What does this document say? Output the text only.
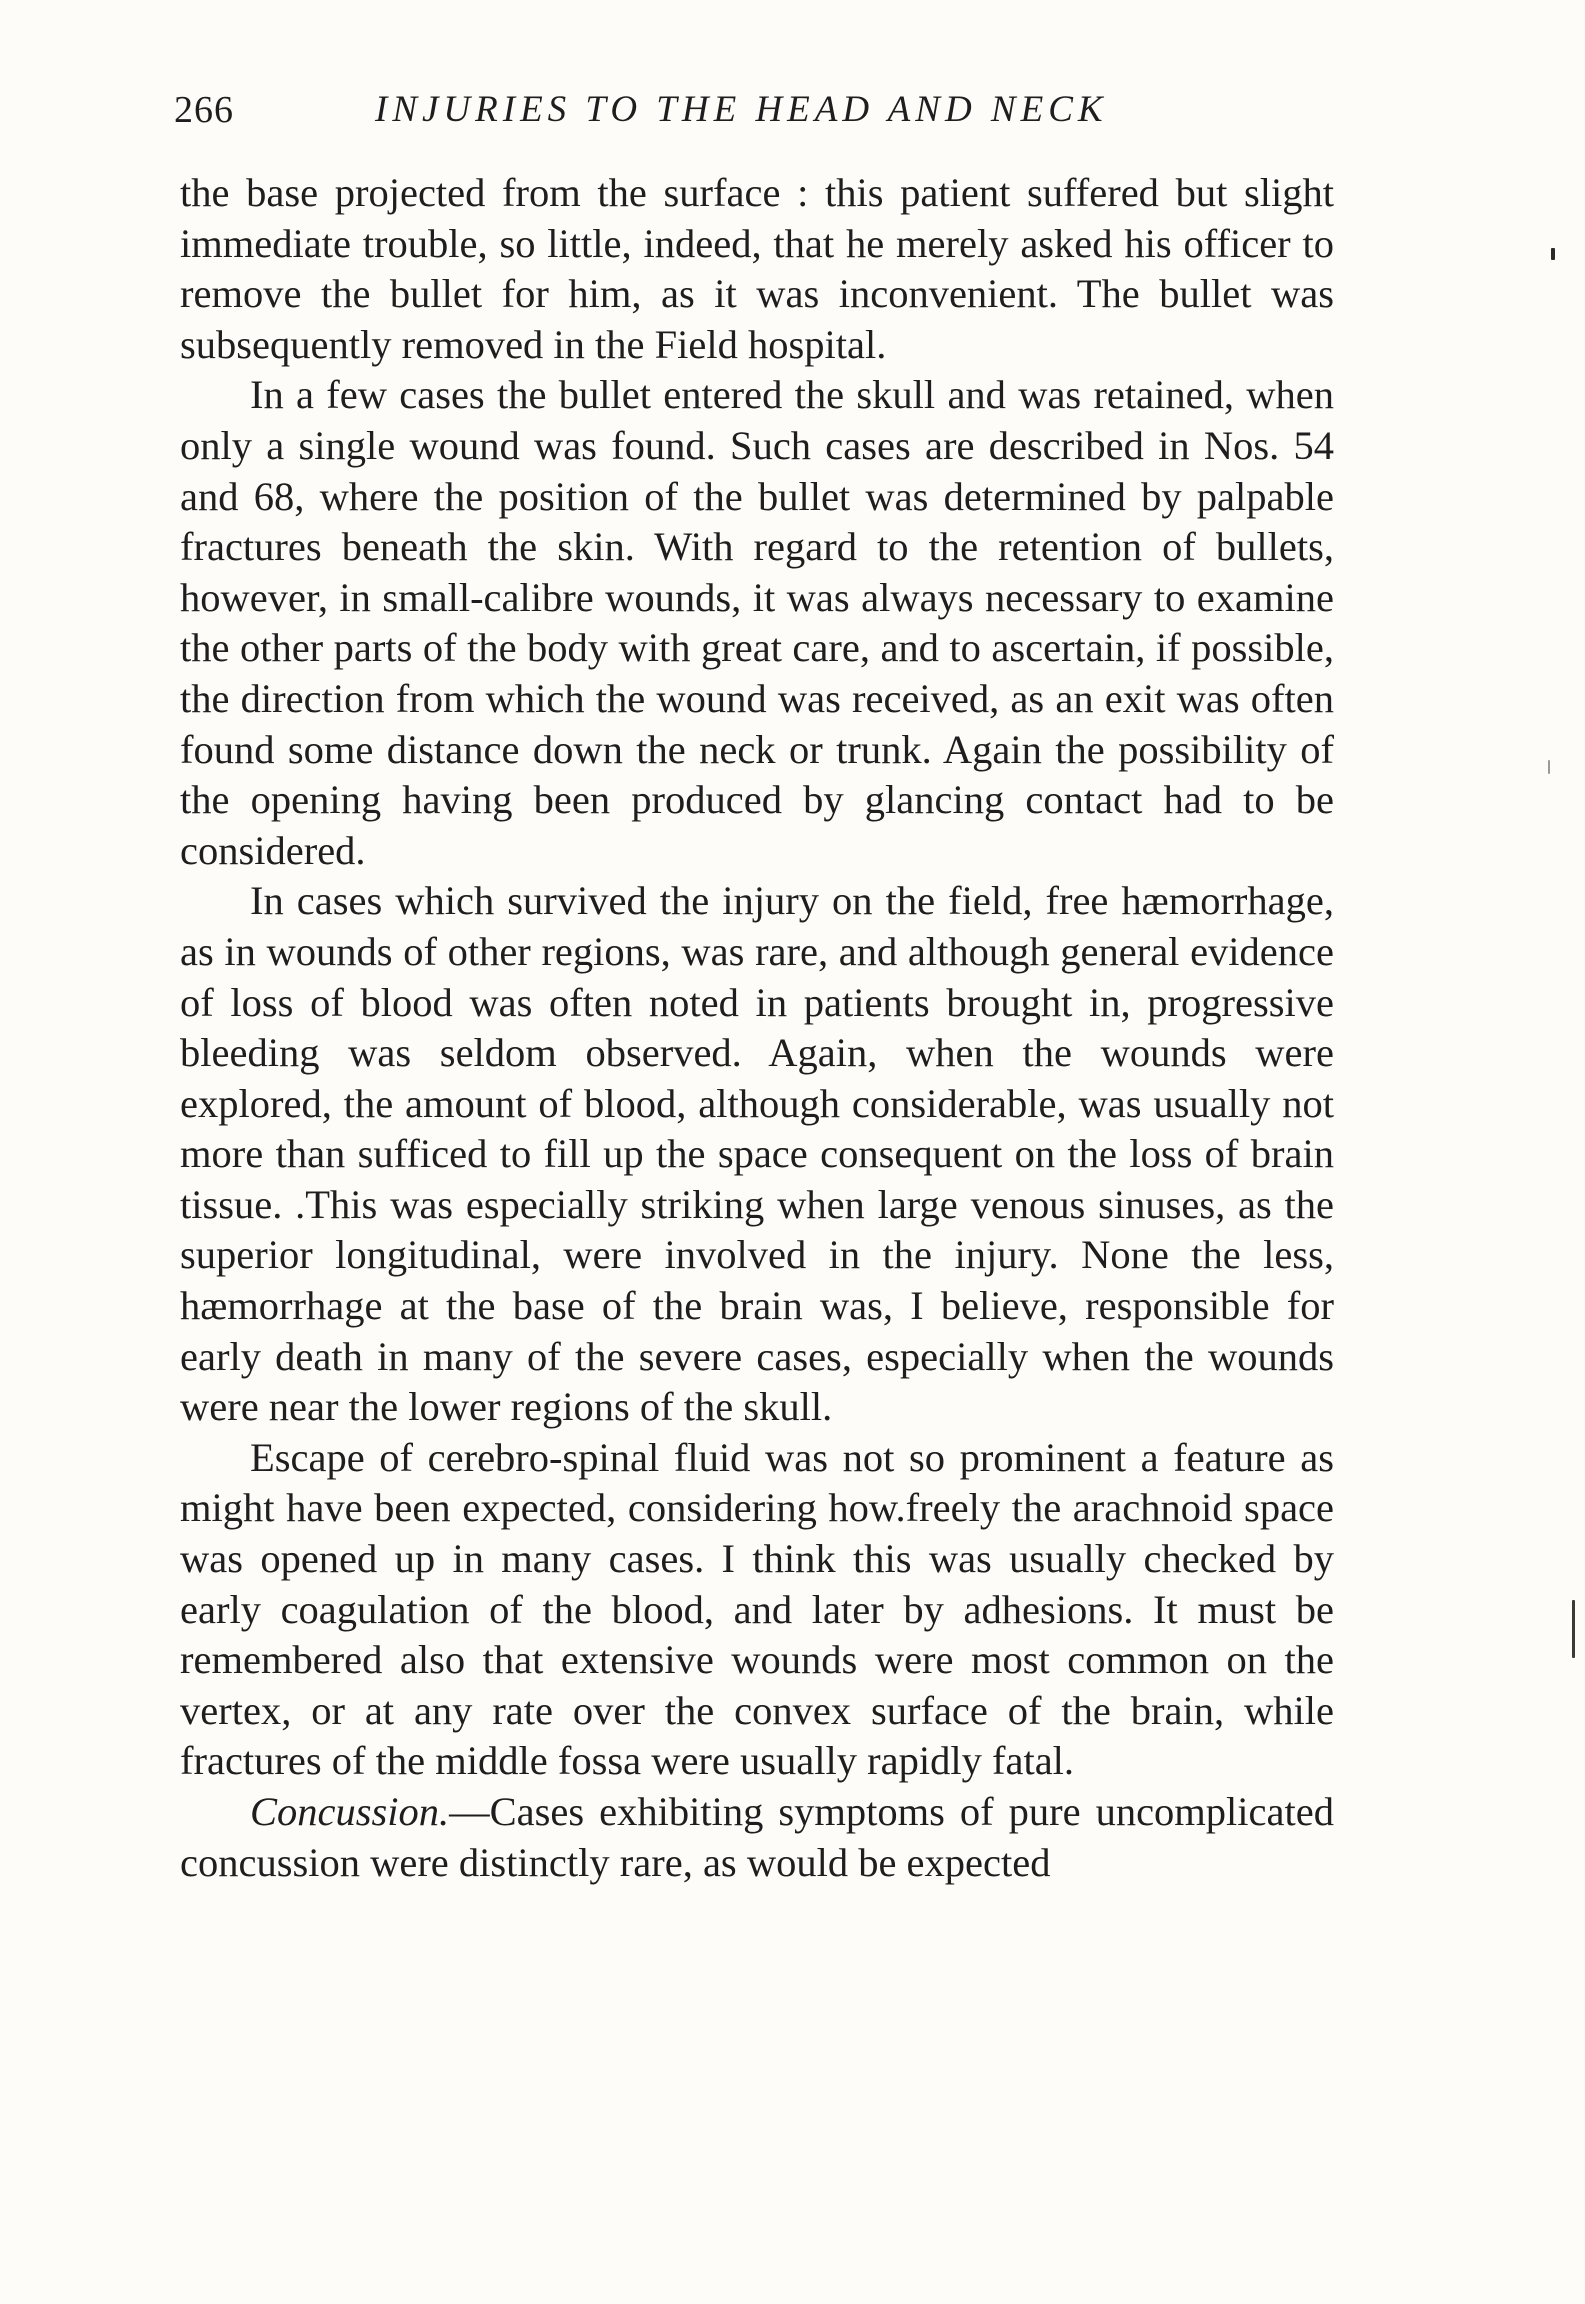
266	INJURIES TO THE HEAD AND NECK

the base projected from the surface : this patient suffered but slight immediate trouble, so little, indeed, that he merely asked his officer to remove the bullet for him, as it was inconvenient. The bullet was subsequently removed in the Field hospital.

In a few cases the bullet entered the skull and was retained, when only a single wound was found. Such cases are described in Nos. 54 and 68, where the position of the bullet was determined by palpable fractures beneath the skin. With regard to the retention of bullets, however, in small-calibre wounds, it was always necessary to examine the other parts of the body with great care, and to ascertain, if possible, the direction from which the wound was received, as an exit was often found some distance down the neck or trunk. Again the possibility of the opening having been produced by glancing contact had to be considered.

In cases which survived the injury on the field, free hæmorrhage, as in wounds of other regions, was rare, and although general evidence of loss of blood was often noted in patients brought in, progressive bleeding was seldom observed. Again, when the wounds were explored, the amount of blood, although considerable, was usually not more than sufficed to fill up the space consequent on the loss of brain tissue. .This was especially striking when large venous sinuses, as the superior longitudinal, were involved in the injury. None the less, hæmorrhage at the base of the brain was, I believe, responsible for early death in many of the severe cases, especially when the wounds were near the lower regions of the skull.

Escape of cerebro-spinal fluid was not so prominent a feature as might have been expected, considering how.freely the arachnoid space was opened up in many cases. I think this was usually checked by early coagulation of the blood, and later by adhesions. It must be remembered also that extensive wounds were most common on the vertex, or at any rate over the convex surface of the brain, while fractures of the middle fossa were usually rapidly fatal.

Concussion.—Cases exhibiting symptoms of pure uncomplicated concussion were distinctly rare, as would be expected
